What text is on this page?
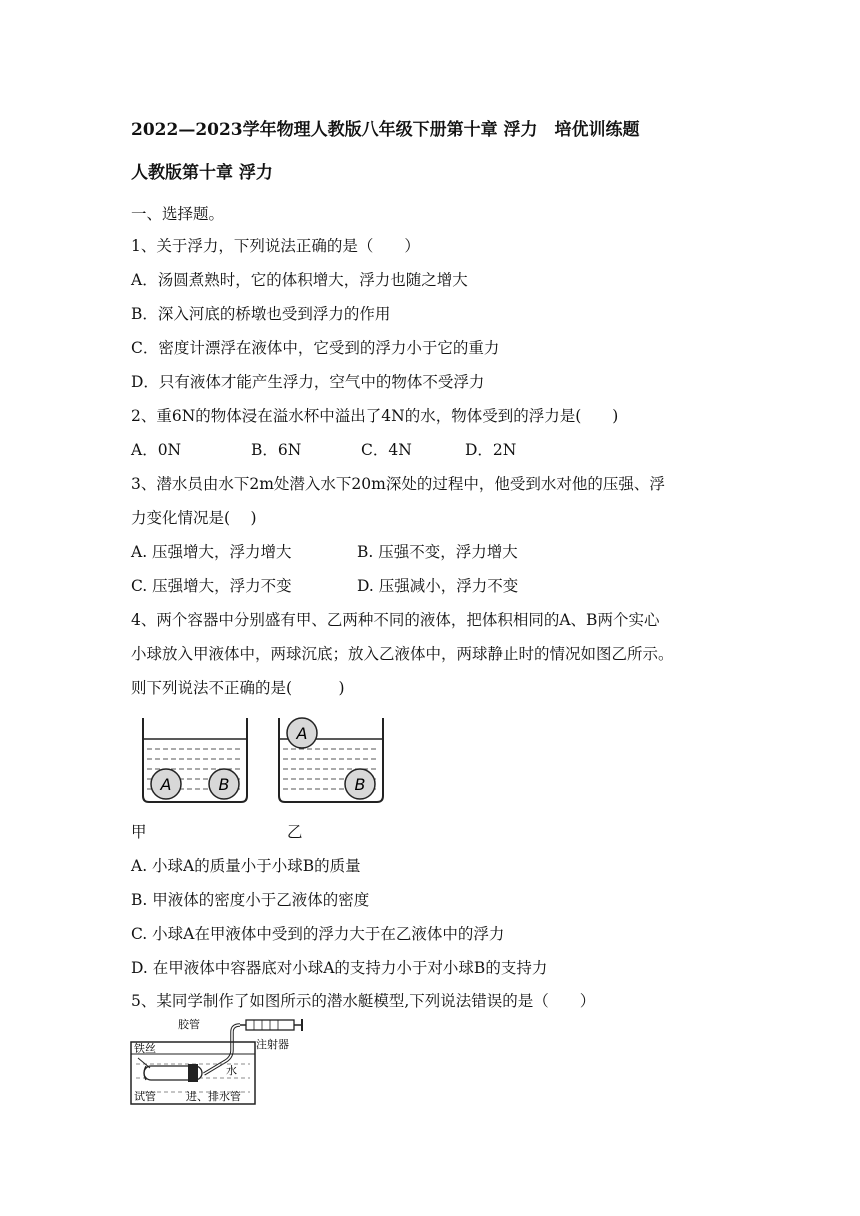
2022—2023学年物理人教版八年级下册第十章 浮力　培优训练题
人教版第十章 浮力
一、选择题。
1、关于浮力，下列说法正确的是（　　）
A．汤圆煮熟时，它的体积增大，浮力也随之增大
B．深入河底的桥墩也受到浮力的作用
C．密度计漂浮在液体中，它受到的浮力小于它的重力
D．只有液体才能产生浮力，空气中的物体不受浮力
2、重6N的物体浸在溢水杯中溢出了4N的水，物体受到的浮力是(　　)
A．0N	B．6N	C．4N	D．2N
3、潜水员由水下2m处潜入水下20m深处的过程中，他受到水对他的压强、浮
力变化情况是(　 )
A. 压强增大，浮力增大	B. 压强不变，浮力增大
C. 压强增大，浮力不变	D. 压强减小，浮力不变
4、两个容器中分别盛有甲、乙两种不同的液体，把体积相同的A、B两个实心
小球放入甲液体中，两球沉底；放入乙液体中，两球静止时的情况如图乙所示。
则下列说法不正确的是(　　　)
A	B
A
B
甲	乙
A. 小球A的质量小于小球B的质量
B. 甲液体的密度小于乙液体的密度
C. 小球A在甲液体中受到的浮力大于在乙液体中的浮力
D. 在甲液体中容器底对小球A的支持力小于对小球B的支持力
5、某同学制作了如图所示的潜水艇模型,下列说法错误的是（　　）
胶管
注射器
铁丝
水
试管	进、排水管
